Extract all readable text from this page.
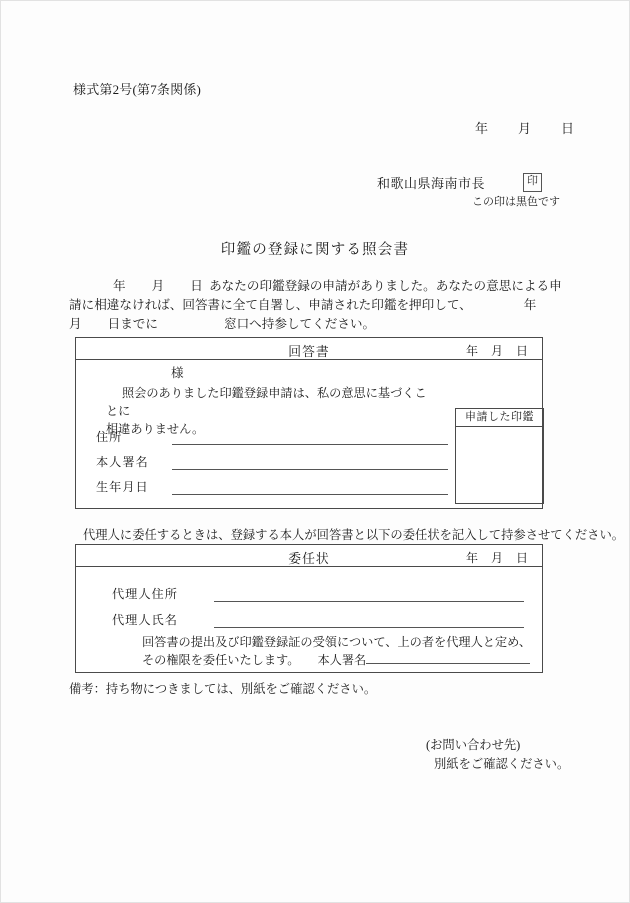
様式第2号(第7条関係)
年 月 日
和歌山県海南市長	印
この印は黒色です
印鑑の登録に関する照会書
年 月 日 あなたの印鑑登録の申請がありました。あなたの意思による申請に相違なければ、回答書に全て自署し、申請された印鑑を押印して、	年月 日までに	窓口へ持参してください。
回答書	年 月 日
様
照会のありました印鑑登録申請は、私の意思に基づくことに
相違ありません。
住所
本人署名
生年月日
申請した印鑑
代理人に委任するときは、登録する本人が回答書と以下の委任状を記入して持参させてください。
委任状	年 月 日
代理人住所
代理人氏名
回答書の提出及び印鑑登録証の受領について、上の者を代理人と定め、
その権限を委任いたします。 本人署名
備考：持ち物につきましては、別紙をご確認ください。
(お問い合わせ先)
別紙をご確認ください。
